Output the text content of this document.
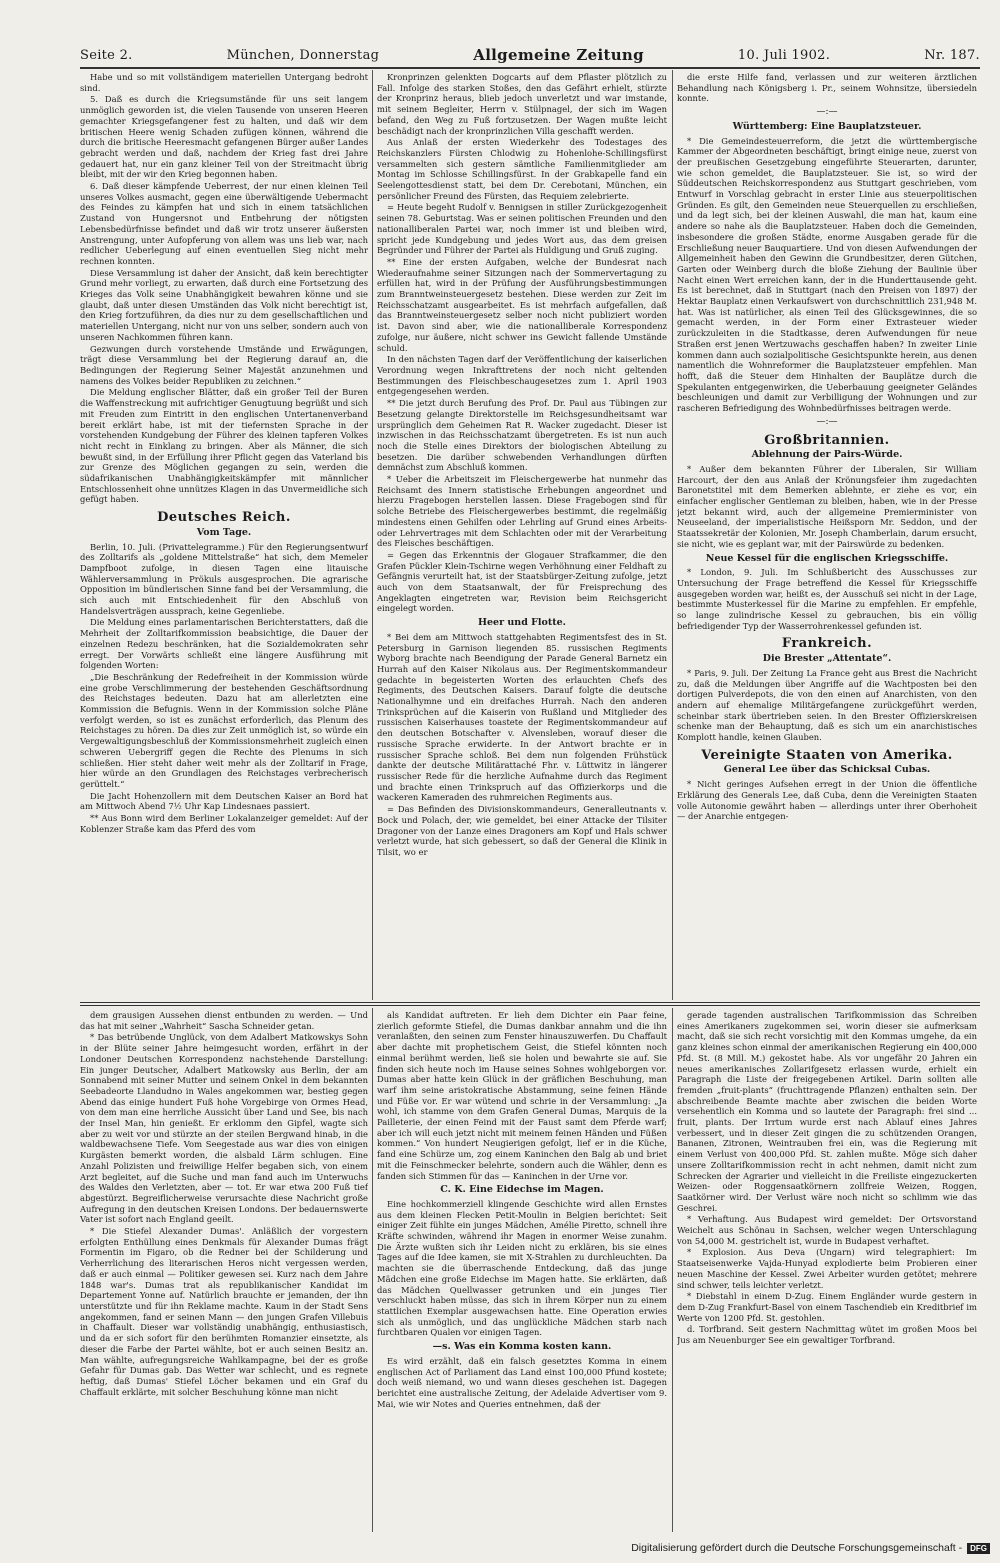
Seite 2.	München, Donnerstag	Allgemeine Zeitung	10. Juli 1902.	Nr. 187.

Habe und so mit vollständigem materiellen Untergang bedroht sind.

5. Daß es durch die Kriegsumstände für uns seit langem unmöglich geworden ist, die vielen Tausende von unseren Heeren gemachter Kriegsgefangener fest zu halten, und daß wir dem britischen Heere wenig Schaden zufügen können, während die durch die britische Heeresmacht gefangenen Bürger außer Landes gebracht werden und daß, nachdem der Krieg fast drei Jahre gedauert hat, nur ein ganz kleiner Teil von der Streitmacht übrig bleibt, mit der wir den Krieg begonnen haben.

6. Daß dieser kämpfende Ueberrest, der nur einen kleinen Teil unseres Volkes ausmacht, gegen eine überwältigende Uebermacht des Feindes zu kämpfen hat und sich in einem tatsächlichen Zustand von Hungersnot und Entbehrung der nötigsten Lebensbedürfnisse befindet und daß wir trotz unserer äußersten Anstrengung, unter Aufopferung von allem was uns lieb war, nach redlicher Ueberlegung auf einen eventuellen Sieg nicht mehr rechnen konnten.

Diese Versammlung ist daher der Ansicht, daß kein berechtigter Grund mehr vorliegt, zu erwarten, daß durch eine Fortsetzung des Krieges das Volk seine Unabhängigkeit bewahren könne und sie glaubt, daß unter diesen Umständen das Volk nicht berechtigt ist, den Krieg fortzuführen, da dies nur zu dem gesellschaftlichen und materiellen Untergang, nicht nur von uns selber, sondern auch von unseren Nachkommen führen kann.

Gezwungen durch vorstehende Umstände und Erwägungen, trägt diese Versammlung bei der Regierung darauf an, die Bedingungen der Regierung Seiner Majestät anzunehmen und namens des Volkes beider Republiken zu zeichnen.“

Die Meldung englischer Blätter, daß ein großer Teil der Buren die Waffenstreckung mit aufrichtiger Genugtuung begrüßt und sich mit Freuden zum Eintritt in den englischen Untertanenverband bereit erklärt habe, ist mit der tiefernsten Sprache in der vorstehenden Kundgebung der Führer des kleinen tapferen Volkes nicht recht in Einklang zu bringen. Aber als Männer, die sich bewußt sind, in der Erfüllung ihrer Pflicht gegen das Vaterland bis zur Grenze des Möglichen gegangen zu sein, werden die südafrikanischen Unabhängigkeitskämpfer mit männlicher Entschlossenheit ohne unnützes Klagen in das Unvermeidliche sich gefügt haben.

Deutsches Reich.
Vom Tage.

Berlin, 10. Juli. (Privattelegramme.) Für den Regierungsentwurf des Zolltarifs als „goldene Mittelstraße“ hat sich, dem Memeler Dampfboot zufolge, in diesen Tagen eine litauische Wählerversammlung in Prökuls ausgesprochen. Die agrarische Opposition im bündlerischen Sinne fand bei der Versammlung, die sich auch mit Entschiedenheit für den Abschluß von Handelsverträgen aussprach, keine Gegenliebe.

Die Meldung eines parlamentarischen Berichterstatters, daß die Mehrheit der Zolltarifkommission beabsichtige, die Dauer der einzelnen Redezu beschränken, hat die Sozialdemokraten sehr erregt. Der Vorwärts schließt eine längere Ausführung mit folgenden Worten:

„Die Beschränkung der Redefreiheit in der Kommission würde eine grobe Verschlimmerung der bestehenden Geschäftsordnung des Reichstages bedeuten. Dazu hat am allerletzten eine Kommission die Befugnis. Wenn in der Kommission solche Pläne verfolgt werden, so ist es zunächst erforderlich, das Plenum des Reichstages zu hören. Da dies zur Zeit unmöglich ist, so würde ein Vergewaltigungsbeschluß der Kommissionsmehrheit zugleich einen schweren Uebergriff gegen die Rechte des Plenums in sich schließen. Hier steht daher weit mehr als der Zolltarif in Frage, hier würde an den Grundlagen des Reichstages verbrecherisch gerüttelt.“

Die Jacht Hohenzollern mit dem Deutschen Kaiser an Bord hat am Mittwoch Abend 7½ Uhr Kap Lindesnaes passiert.

** Aus Bonn wird dem Berliner Lokalanzeiger gemeldet: Auf der Koblenzer Straße kam das Pferd des vom

Kronprinzen gelenkten Dogcarts auf dem Pflaster plötzlich zu Fall. Infolge des starken Stoßes, den das Gefährt erhielt, stürzte der Kronprinz heraus, blieb jedoch unverletzt und war imstande, mit seinem Begleiter, Herrn v. Stülpnagel, der sich im Wagen befand, den Weg zu Fuß fortzusetzen. Der Wagen mußte leicht beschädigt nach der kronprinzlichen Villa geschafft werden.

Aus Anlaß der ersten Wiederkehr des Todestages des Reichskanzlers Fürsten Chlodwig zu Hohenlohe-Schillingsfürst versammelten sich gestern sämtliche Familienmitglieder am Montag im Schlosse Schillingsfürst. In der Grabkapelle fand ein Seelengottesdienst statt, bei dem Dr. Cerebotani, München, ein persönlicher Freund des Fürsten, das Requiem zelebrierte.

= Heute begeht Rudolf v. Bennigsen in stiller Zurückgezogenheit seinen 78. Geburtstag. Was er seinen politischen Freunden und den nationalliberalen Partei war, noch immer ist und bleiben wird, spricht jede Kundgebung und jedes Wort aus, das dem greisen Begründer und Führer der Partei als Huldigung und Gruß zuging.

** Eine der ersten Aufgaben, welche der Bundesrat nach Wiederaufnahme seiner Sitzungen nach der Sommervertagung zu erfüllen hat, wird in der Prüfung der Ausführungsbestimmungen zum Branntweinsteuergesetz bestehen. Diese werden zur Zeit im Reichsschatzamt ausgearbeitet. Es ist mehrfach aufgefallen, daß das Branntweinsteuergesetz selber noch nicht publiziert worden ist. Davon sind aber, wie die nationalliberale Korrespondenz zufolge, nur äußere, nicht schwer ins Gewicht fallende Umstände schuld.

In den nächsten Tagen darf der Veröffentlichung der kaiserlichen Verordnung wegen Inkrafttretens der noch nicht geltenden Bestimmungen des Fleischbeschaugesetzes zum 1. April 1903 entgegengesehen werden.

** Die jetzt durch Berufung des Prof. Dr. Paul aus Tübingen zur Besetzung gelangte Direktorstelle im Reichsgesundheitsamt war ursprünglich dem Geheimen Rat R. Wacker zugedacht. Dieser ist inzwischen in das Reichsschatzamt übergetreten. Es ist nun auch noch die Stelle eines Direktors der biologischen Abteilung zu besetzen. Die darüber schwebenden Verhandlungen dürften demnächst zum Abschluß kommen.

* Ueber die Arbeitszeit im Fleischergewerbe hat nunmehr das Reichsamt des Innern statistische Erhebungen angeordnet und hierzu Fragebogen herstellen lassen. Diese Fragebogen sind für solche Betriebe des Fleischergewerbes bestimmt, die regelmäßig mindestens einen Gehilfen oder Lehrling auf Grund eines Arbeits- oder Lehrvertrages mit dem Schlachten oder mit der Verarbeitung des Fleisches beschäftigen.

= Gegen das Erkenntnis der Glogauer Strafkammer, die den Grafen Pückler Klein-Tschirne wegen Verhöhnung einer Feldhaft zu Gefängnis verurteilt hat, ist der Staatsbürger-Zeitung zufolge, jetzt auch von dem Staatsanwalt, der für Freisprechung des Angeklagten eingetreten war, Revision beim Reichsgericht eingelegt worden.

Heer und Flotte.

* Bei dem am Mittwoch stattgehabten Regimentsfest des in St. Petersburg in Garnison liegenden 85. russischen Regiments Wyborg brachte nach Beendigung der Parade General Barnetz ein Hurrah auf den Kaiser Nikolaus aus. Der Regimentskommandeur gedachte in begeisterten Worten des erlauchten Chefs des Regiments, des Deutschen Kaisers. Darauf folgte die deutsche Nationalhymne und ein dreifaches Hurrah. Nach den anderen Trinksprüchen auf die Kaiserin von Rußland und Mitglieder des russischen Kaiserhauses toastete der Regimentskommandeur auf den deutschen Botschafter v. Alvensleben, worauf dieser die russische Sprache erwiderte. In der Antwort brachte er in russischer Sprache schloß. Bei dem nun folgenden Frühstück dankte der deutsche Militärattaché Fhr. v. Lüttwitz in längerer russischer Rede für die herzliche Aufnahme durch das Regiment und brachte einen Trinkspruch auf das Offizierkorps und die wackeren Kameraden des ruhmreichen Regiments aus.

= Das Befinden des Divisionskommandeurs, Generalleutnants v. Bock und Polach, der, wie gemeldet, bei einer Attacke der Tilsiter Dragoner von der Lanze eines Dragoners am Kopf und Hals schwer verletzt wurde, hat sich gebessert, so daß der General die Klinik in Tilsit, wo er

die erste Hilfe fand, verlassen und zur weiteren ärztlichen Behandlung nach Königsberg i. Pr., seinem Wohnsitze, übersiedeln konnte.

—:—
Württemberg: Eine Bauplatzsteuer.

* Die Gemeindesteuerreform, die jetzt die württembergische Kammer der Abgeordneten beschäftigt, bringt einige neue, zuerst von der preußischen Gesetzgebung eingeführte Steuerarten, darunter, wie schon gemeldet, die Bauplatzsteuer. Sie ist, so wird der Süddeutschen Reichskorrespondenz aus Stuttgart geschrieben, vom Entwurf in Vorschlag gebracht in erster Linie aus steuerpolitischen Gründen. Es gilt, den Gemeinden neue Steuerquellen zu erschließen, und da legt sich, bei der kleinen Auswahl, die man hat, kaum eine andere so nahe als die Bauplatzsteuer. Haben doch die Gemeinden, insbesondere die großen Städte, enorme Ausgaben gerade für die Erschließung neuer Bauquartiere. Und von diesen Aufwendungen der Allgemeinheit haben den Gewinn die Grundbesitzer, deren Gütchen, Garten oder Weinberg durch die bloße Ziehung der Baulinie über Nacht einen Wert erreichen kann, der in die Hunderttausende geht. Es ist berechnet, daß in Stuttgart (nach den Preisen von 1897) der Hektar Bauplatz einen Verkaufswert von durchschnittlich 231,948 M. hat. Was ist natürlicher, als einen Teil des Glücksgewinnes, die so gemacht werden, in der Form einer Extrasteuer wieder zurückzuleiten in die Stadtkasse, deren Aufwendungen für neue Straßen erst jenen Wertzuwachs geschaffen haben? In zweiter Linie kommen dann auch sozialpolitische Gesichtspunkte herein, aus denen namentlich die Wohnreformer die Bauplatzsteuer empfehlen. Man hofft, daß die Steuer dem Hinhalten der Bauplätze durch die Spekulanten entgegenwirken, die Ueberbauung geeigneter Geländes beschleunigen und damit zur Verbilligung der Wohnungen und zur rascheren Befriedigung des Wohnbedürfnisses beitragen werde.

—:—
Großbritannien.
Ablehnung der Pairs-Würde.

* Außer dem bekannten Führer der Liberalen, Sir William Harcourt, der den aus Anlaß der Krönungsfeier ihm zugedachten Baronetstitel mit dem Bemerken ablehnte, er ziehe es vor, ein einfacher englischer Gentleman zu bleiben, haben, wie in der Presse jetzt bekannt wird, auch der allgemeine Premierminister von Neuseeland, der imperialistische Heißsporn Mr. Seddon, und der Staatssekretär der Kolonien, Mr. Joseph Chamberlain, darum ersucht, sie nicht, wie es geplant war, mit der Pairswürde zu bedenken.

Neue Kessel für die englischen Kriegsschiffe.

* London, 9. Juli. Im Schlußbericht des Ausschusses zur Untersuchung der Frage betreffend die Kessel für Kriegsschiffe ausgegeben worden war, heißt es, der Ausschuß sei nicht in der Lage, bestimmte Musterkessel für die Marine zu empfehlen. Er empfehle, so lange zulindrische Kessel zu gebrauchen, bis ein völlig befriedigender Typ der Wasserrohrenkessel gefunden ist.

Frankreich.
Die Brester „Attentate“.

* Paris, 9. Juli. Der Zeitung La France geht aus Brest die Nachricht zu, daß die Meldungen über Angriffe auf die Wachtposten bei den dortigen Pulverdepots, die von den einen auf Anarchisten, von den andern auf ehemalige Militärgefangene zurückgeführt werden, scheinbar stark übertrieben seien. In den Brester Offizierskreisen schenke man der Behauptung, daß es sich um ein anarchistisches Komplott handle, keinen Glauben.

Vereinigte Staaten von Amerika.
General Lee über das Schicksal Cubas.

* Nicht geringes Aufsehen erregt in der Union die öffentliche Erklärung des Generals Lee, daß Cuba, denn die Vereinigten Staaten volle Autonomie gewährt haben — allerdings unter ihrer Oberhoheit — der Anarchie entgegen-

dem grausigen Aussehen dienst entbunden zu werden. — Und das hat mit seiner „Wahrheit“ Sascha Schneider getan.

* Das betrübende Unglück, von dem Adalbert Matkowskys Sohn in der Blüte seiner Jahre heimgesucht worden, erfährt in der Londoner Deutschen Korrespondenz nachstehende Darstellung: Ein junger Deutscher, Adalbert Matkowsky aus Berlin, der am Sonnabend mit seiner Mutter und seinem Onkel in dem bekannten Seebadeorte Llandudno in Wales angekommen war, bestieg gegen Abend das einige hundert Fuß hohe Vorgebirge von Ormes Head, von dem man eine herrliche Aussicht über Land und See, bis nach der Insel Man, hin genießt. Er erklomm den Gipfel, wagte sich aber zu weit vor und stürzte an der steilen Bergwand hinab, in die waldbewachsene Tiefe. Vom Seegestade aus war dies von einigen Kurgästen bemerkt worden, die alsbald Lärm schlugen. Eine Anzahl Polizisten und freiwillige Helfer begaben sich, von einem Arzt begleitet, auf die Suche und man fand auch im Unterwuchs des Waldes den Verletzten, aber — tot. Er war etwa 200 Fuß tief abgestürzt. Begreiflicherweise verursachte diese Nachricht große Aufregung in den deutschen Kreisen Londons. Der bedauernswerte Vater ist sofort nach England geeilt.

* Die Stiefel Alexander Dumas'. Anläßlich der vorgestern erfolgten Enthüllung eines Denkmals für Alexander Dumas frägt Formentin im Figaro, ob die Redner bei der Schilderung und Verherrlichung des literarischen Heros nicht vergessen werden, daß er auch einmal — Politiker gewesen sei. Kurz nach dem Jahre 1848 war's. Dumas trat als republikanischer Kandidat im Departement Yonne auf. Natürlich brauchte er jemanden, der ihn unterstützte und für ihn Reklame machte. Kaum in der Stadt Sens angekommen, fand er seinen Mann — den jungen Grafen Villebuis in Chaffault. Dieser war vollständig unabhängig, enthusiastisch, und da er sich sofort für den berühmten Romanzier einsetzte, als dieser die Farbe der Partei wählte, bot er auch seinen Besitz an. Man wählte, aufregungsreiche Wahlkampagne, bei der es große Gefahr für Dumas gab. Das Wetter war schlecht, und es regnete heftig, daß Dumas' Stiefel Löcher bekamen und ein Graf du Chaffault erklärte, mit solcher Beschuhung könne man nicht

als Kandidat auftreten. Er lieh dem Dichter ein Paar feine, zierlich geformte Stiefel, die Dumas dankbar annahm und die ihn veranlaßten, den seinen zum Fenster hinauszuwerfen. Du Chaffault aber dachte mit prophetischem Geist, die Stiefel könnten noch einmal berühmt werden, ließ sie holen und bewahrte sie auf. Sie finden sich heute noch im Hause seines Sohnes wohlgeborgen vor. Dumas aber hatte kein Glück in der gräflichen Beschuhung, man warf ihm seine aristokratische Abstammung, seine feinen Hände und Füße vor. Er war wütend und schrie in der Versammlung: „Ja wohl, ich stamme von dem Grafen General Dumas, Marquis de la Pailleterie, der einen Feind mit der Faust samt dem Pferde warf; aber ich will euch jetzt nicht mit meinem feinen Händen und Füßen kommen.“ Von hundert Neugierigen gefolgt, lief er in die Küche, fand eine Schürze um, zog einem Kaninchen den Balg ab und briet mit die Feinschmecker belehrte, sondern auch die Wähler, denn es fanden sich Stimmen für das — Kaninchen in der Urne vor.

C. K. Eine Eidechse im Magen.

Eine hochkommerziell klingende Geschichte wird allen Ernstes aus dem kleinen Flecken Petit-Moulin in Belgien berichtet: Seit einiger Zeit fühlte ein junges Mädchen, Amélie Piretto, schnell ihre Kräfte schwinden, während ihr Magen in enormer Weise zunahm. Die Ärzte wußten sich ihr Leiden nicht zu erklären, bis sie eines Tages auf die Idee kamen, sie mit X-Strahlen zu durchleuchten. Da machten sie die überraschende Entdeckung, daß das junge Mädchen eine große Eidechse im Magen hatte. Sie erklärten, daß das Mädchen Quellwasser getrunken und ein junges Tier verschluckt haben müsse, das sich in ihrem Körper nun zu einem stattlichen Exemplar ausgewachsen hatte. Eine Operation erwies sich als unmöglich, und das unglückliche Mädchen starb nach furchtbaren Qualen vor einigen Tagen.

—s. Was ein Komma kosten kann.

Es wird erzählt, daß ein falsch gesetztes Komma in einem englischen Act of Parliament das Land einst 100,000 Pfund kostete; doch weiß niemand, wo und wann dieses geschehen ist. Dagegen berichtet eine australische Zeitung, der Adelaide Advertiser vom 9. Mai, wie wir Notes and Queries entnehmen, daß der

gerade tagenden australischen Tarifkommission das Schreiben eines Amerikaners zugekommen sei, worin dieser sie aufmerksam macht, daß sie sich recht vorsichtig mit den Kommas umgehe, da ein ganz kleines schon einmal der amerikanischen Regierung ein 400,000 Pfd. St. (8 Mill. M.) gekostet habe. Als vor ungefähr 20 Jahren ein neues amerikanisches Zollarifgesetz erlassen wurde, erhielt ein Paragraph die Liste der freigegebenen Artikel. Darin sollten alle fremden „fruit-plants“ (fruchttragende Pflanzen) enthalten sein. Der abschreibende Beamte machte aber zwischen die beiden Worte versehentlich ein Komma und so lautete der Paragraph: frei sind ... fruit, plants. Der Irrtum wurde erst nach Ablauf eines Jahres verbessert, und in dieser Zeit gingen die zu schützenden Orangen, Bananen, Zitronen, Weintrauben frei ein, was die Regierung mit einem Verlust von 400,000 Pfd. St. zahlen mußte. Möge sich daher unsere Zolltarifkommission recht in acht nehmen, damit nicht zum Schrecken der Agrarier und vielleicht in die Freiliste eingezuckerten Weizen- oder Roggensaatkörnern zollfreie Weizen, Roggen, Saatkörner wird. Der Verlust wäre noch nicht so schlimm wie das Geschrei.

* Verhaftung. Aus Budapest wird gemeldet: Der Ortsvorstand Weichelt aus Schönau in Sachsen, welcher wegen Unterschlagung von 54,000 M. gestrichelt ist, wurde in Budapest verhaftet.

* Explosion. Aus Deva (Ungarn) wird telegraphiert: Im Staatseisenwerke Vajda-Hunyad explodierte beim Probieren einer neuen Maschine der Kessel. Zwei Arbeiter wurden getötet; mehrere sind schwer, teils leichter verletzt.

* Diebstahl in einem D-Zug. Einem Engländer wurde gestern in dem D-Zug Frankfurt-Basel von einem Taschendieb ein Kreditbrief im Werte von 1200 Pfd. St. gestohlen.

d. Torfbrand. Seit gestern Nachmittag wütet im großen Moos bei Jus am Neuenburger See ein gewaltiger Torfbrand.

Digitalisierung gefördert durch die Deutsche Forschungsgemeinschaft -	DFG
